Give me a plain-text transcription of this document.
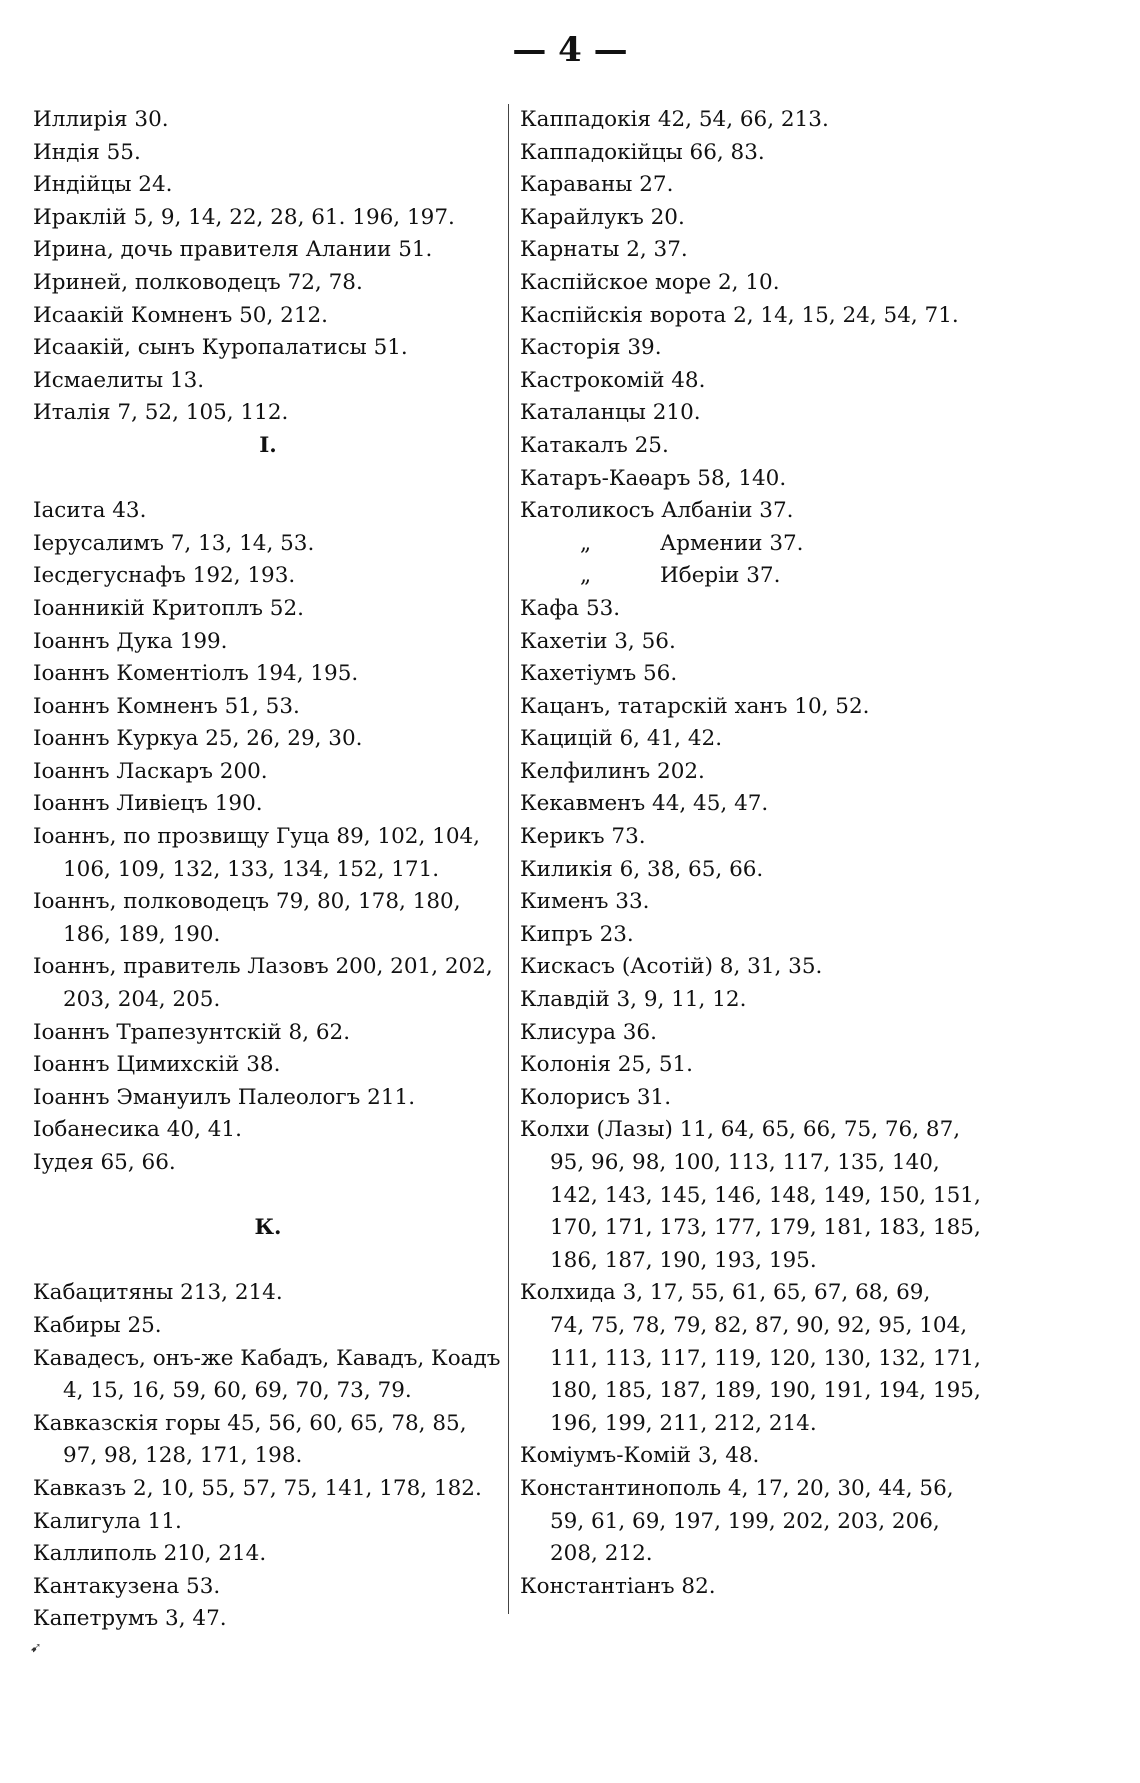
— 4 —
Иллирія 30.
Индія 55.
Индійцы 24.
Ираклій 5, 9, 14, 22, 28, 61. 196, 197.
Ирина, дочь правителя Алании 51.
Ириней, полководецъ 72, 78.
Исаакій Комненъ 50, 212.
Исаакій, сынъ Куропалатисы 51.
Исмаелиты 13.
Италія 7, 52, 105, 112.
I.
Іасита 43.
Іерусалимъ 7, 13, 14, 53.
Іесдегуснафъ 192, 193.
Іоанникій Критоплъ 52.
Іоаннъ Дука 199.
Іоаннъ Коментіолъ 194, 195.
Іоаннъ Комненъ 51, 53.
Іоаннъ Куркуа 25, 26, 29, 30.
Іоаннъ Ласкаръ 200.
Іоаннъ Ливіецъ 190.
Іоаннъ, по прозвищу Гуца 89, 102, 104,
106, 109, 132, 133, 134, 152, 171.
Іоаннъ, полководецъ 79, 80, 178, 180,
186, 189, 190.
Іоаннъ, правитель Лазовъ 200, 201, 202,
203, 204, 205.
Іоаннъ Трапезунтскій 8, 62.
Іоаннъ Цимихскій 38.
Іоаннъ Эмануилъ Палеологъ 211.
Іобанесика 40, 41.
Іудея 65, 66.
К.
Кабацитяны 213, 214.
Кабиры 25.
Кавадесъ, онъ-же Кабадъ, Кавадъ, Коадъ
4, 15, 16, 59, 60, 69, 70, 73, 79.
Кавказскія горы 45, 56, 60, 65, 78, 85,
97, 98, 128, 171, 198.
Кавказъ 2, 10, 55, 57, 75, 141, 178, 182.
Калигула 11.
Каллиполь 210, 214.
Кантакузена 53.
Капетрумъ 3, 47.
Каппадокія 42, 54, 66, 213.
Каппадокійцы 66, 83.
Караваны 27.
Карайлукъ 20.
Карнаты 2, 37.
Каспійское море 2, 10.
Каспійскія ворота 2, 14, 15, 24, 54, 71.
Касторія 39.
Кастрокомій 48.
Каталанцы 210.
Катакалъ 25.
Катаръ-Каѳаръ 58, 140.
Католикосъ Албаніи 37.
„	Армении 37.
„	Иберіи 37.
Кафа 53.
Кахетіи 3, 56.
Кахетіумъ 56.
Кацанъ, татарскій ханъ 10, 52.
Кацицій 6, 41, 42.
Келфилинъ 202.
Кекавменъ 44, 45, 47.
Керикъ 73.
Киликія 6, 38, 65, 66.
Кименъ 33.
Кипръ 23.
Кискасъ (Асотій) 8, 31, 35.
Клавдій 3, 9, 11, 12.
Клисура 36.
Колонія 25, 51.
Колорисъ 31.
Колхи (Лазы) 11, 64, 65, 66, 75, 76, 87,
95, 96, 98, 100, 113, 117, 135, 140,
142, 143, 145, 146, 148, 149, 150, 151,
170, 171, 173, 177, 179, 181, 183, 185,
186, 187, 190, 193, 195.
Колхида 3, 17, 55, 61, 65, 67, 68, 69,
74, 75, 78, 79, 82, 87, 90, 92, 95, 104,
111, 113, 117, 119, 120, 130, 132, 171,
180, 185, 187, 189, 190, 191, 194, 195,
196, 199, 211, 212, 214.
Коміумъ-Комій 3, 48.
Константинополь 4, 17, 20, 30, 44, 56,
59, 61, 69, 197, 199, 202, 203, 206,
208, 212.
Константіанъ 82.
➹
